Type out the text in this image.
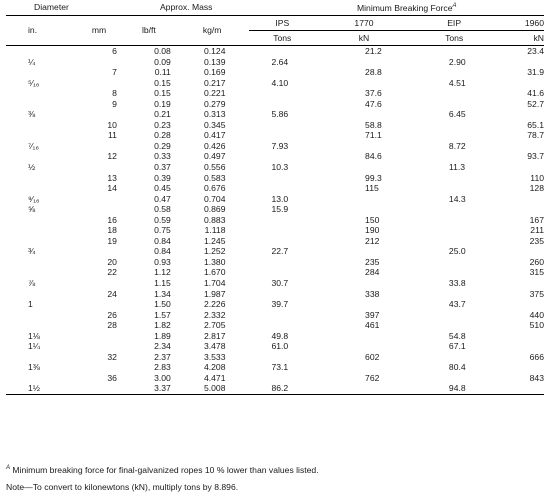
Diameter		Approx. Mass		Minimum Breaking Force$^A$
in.	mm	lb/ft	kg/m	IPS	1770	EIP	1960
				Tons	kN	Tons	kN
	6	0.08	0.124		21.2		23.4
¼		0.09	0.139	2.64		2.90	
	7	0.11	0.169		28.8		31.9
⁵⁄₁₆		0.15	0.217	4.10		4.51	
	8	0.15	0.221		37.6		41.6
	9	0.19	0.279		47.6		52.7
⅜		0.21	0.313	5.86		6.45	
	10	0.23	0.345		58.8		65.1
	11	0.28	0.417		71.1		78.7
⁷⁄₁₆		0.29	0.426	7.93		8.72	
	12	0.33	0.497		84.6		93.7
½		0.37	0.556	10.3		11.3	
	13	0.39	0.583		99.3		110
	14	0.45	0.676		115		128
⁹⁄₁₆		0.47	0.704	13.0		14.3	
⅝		0.58	0.869	15.9			
	16	0.59	0.883		150		167
	18	0.75	1.118		190		211
	19	0.84	1.245		212		235
¾		0.84	1.252	22.7		25.0	
	20	0.93	1.380		235		260
	22	1.12	1.670		284		315
⅞		1.15	1.704	30.7		33.8	
	24	1.34	1.987		338		375
1		1.50	2.226	39.7		43.7	
	26	1.57	2.332		397		440
	28	1.82	2.705		461		510
1⅛		1.89	2.817	49.8		54.8	
1¼		2.34	3.478	61.0		67.1	
	32	2.37	3.533		602		666
1⅜		2.83	4.208	73.1		80.4	
	36	3.00	4.471		762		843
1½		3.37	5.008	86.2		94.8	
$^A$ Minimum breaking force for final-galvanized ropes 10 % lower than values listed.
Note—To convert to kilonewtons (kN), multiply tons by 8.896.
